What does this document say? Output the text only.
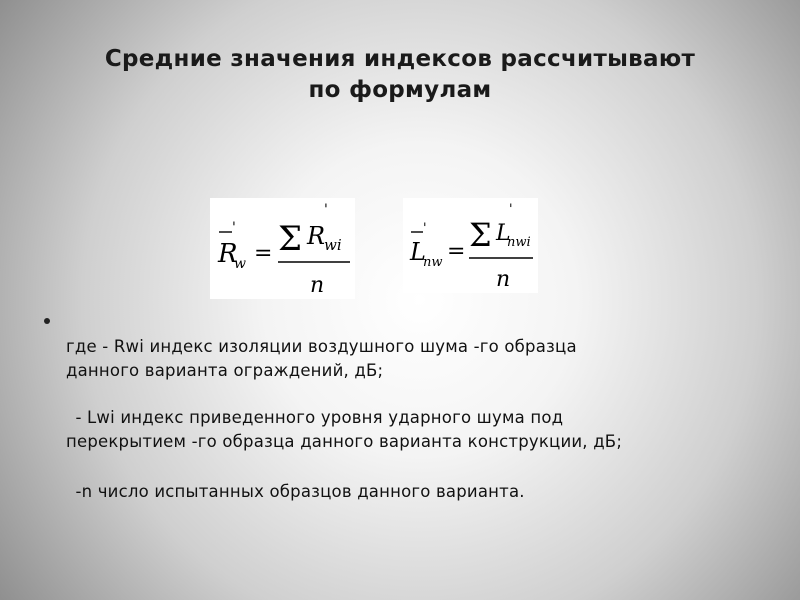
Средние значения индексов рассчитывают
по формулам
'
R
w = Σ R
'
wi
n
'
L
nw = Σ L
'
nwi
n
где - Rwi индекс изоляции воздушного шума -го образца
данного варианта ограждений, дБ;
- Lwi индекс приведенного уровня ударного шума под
перекрытием -го образца данного варианта конструкции, дБ;
-n число испытанных образцов данного варианта.
